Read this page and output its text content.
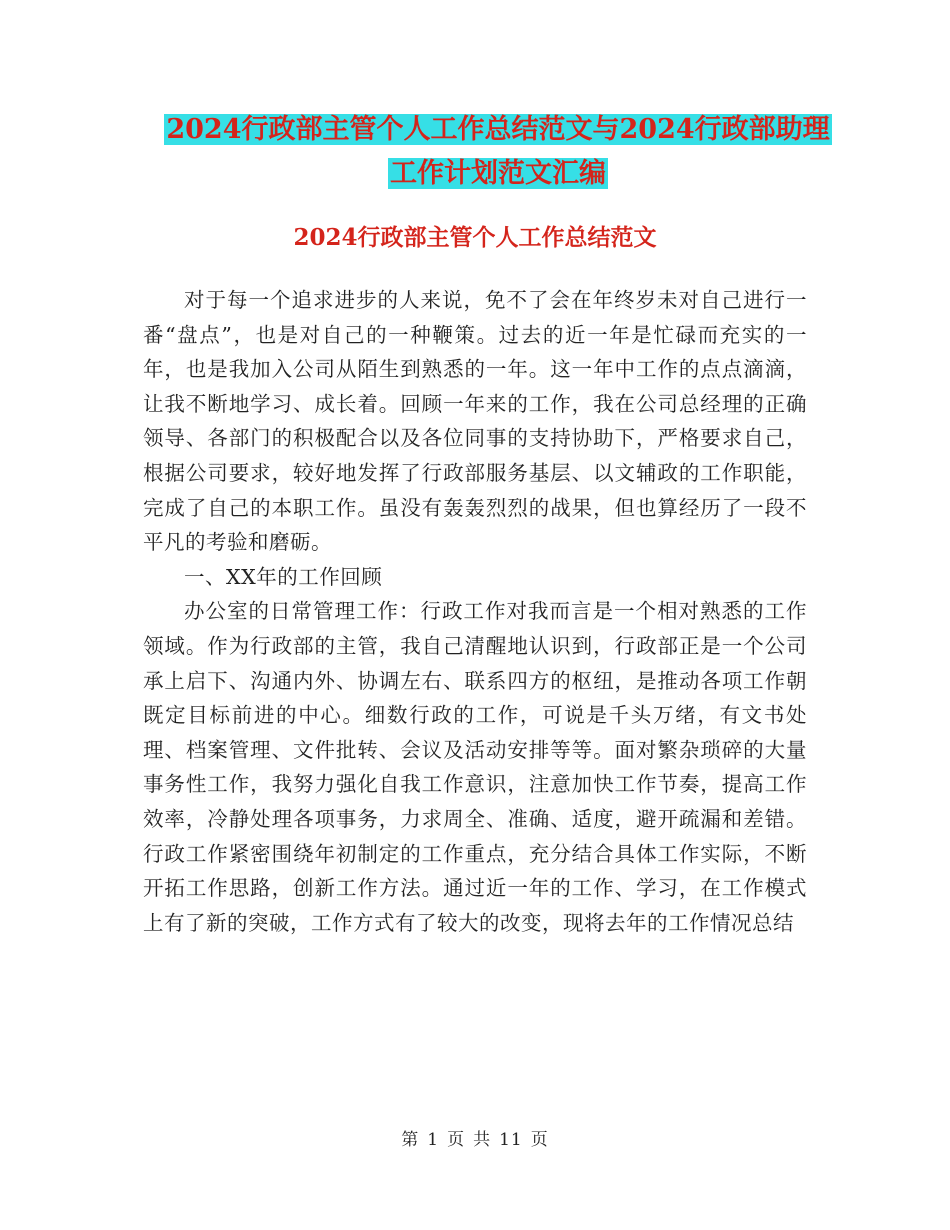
2024行政部主管个人工作总结范文与2024行政部助理
工作计划范文汇编
2024行政部主管个人工作总结范文

对于每一个追求进步的人来说，免不了会在年终岁未对自己进行一番“盘点”，也是对自己的一种鞭策。过去的近一年是忙碌而充实的一年，也是我加入公司从陌生到熟悉的一年。这一年中工作的点点滴滴，让我不断地学习、成长着。回顾一年来的工作，我在公司总经理的正确领导、各部门的积极配合以及各位同事的支持协助下，严格要求自己，根据公司要求，较好地发挥了行政部服务基层、以文辅政的工作职能，完成了自己的本职工作。虽没有轰轰烈烈的战果，但也算经历了一段不平凡的考验和磨砺。

一、XX年的工作回顾

办公室的日常管理工作：行政工作对我而言是一个相对熟悉的工作领域。作为行政部的主管，我自己清醒地认识到，行政部正是一个公司承上启下、沟通内外、协调左右、联系四方的枢纽，是推动各项工作朝既定目标前进的中心。细数行政的工作，可说是千头万绪，有文书处理、档案管理、文件批转、会议及活动安排等等。面对繁杂琐碎的大量事务性工作，我努力强化自我工作意识，注意加快工作节奏，提高工作效率，冷静处理各项事务，力求周全、准确、适度，避开疏漏和差错。行政工作紧密围绕年初制定的工作重点，充分结合具体工作实际，不断开拓工作思路，创新工作方法。通过近一年的工作、学习，在工作模式上有了新的突破，工作方式有了较大的改变，现将去年的工作情况总结

第 1 页 共 11 页
